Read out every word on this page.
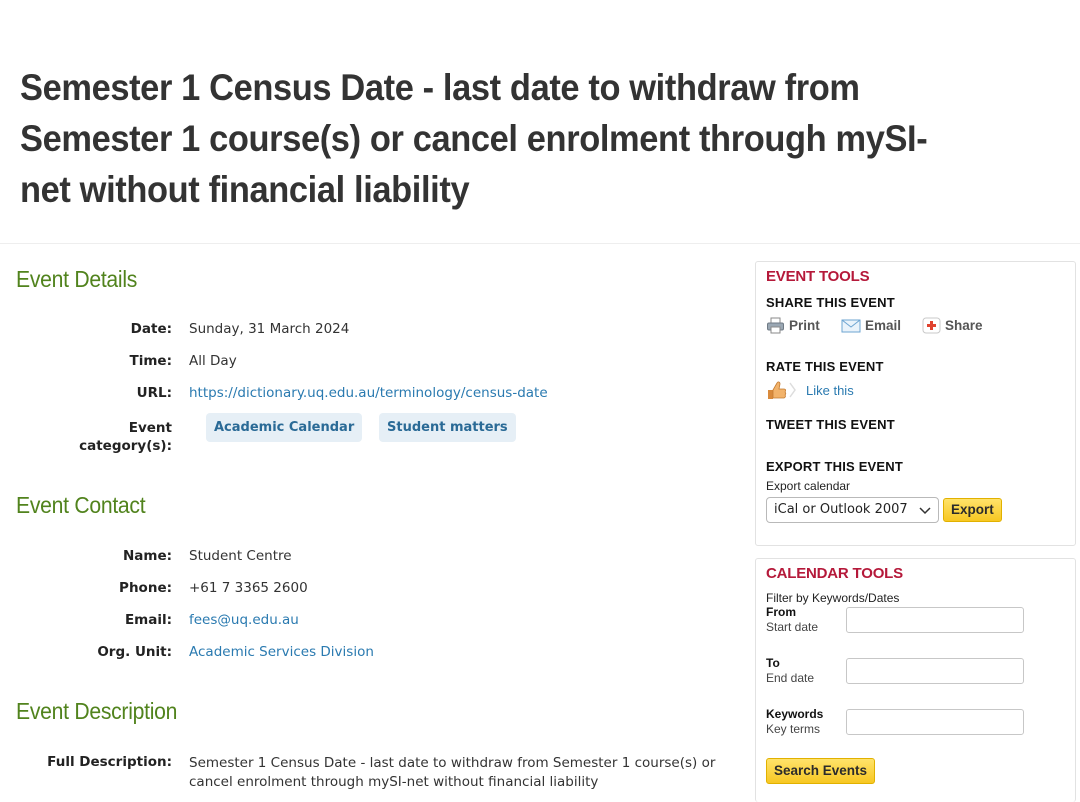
Semester 1 Census Date - last date to withdraw from Semester 1 course(s) or cancel enrolment through mySI-net without financial liability
Event Details
Date: Sunday, 31 March 2024
Time: All Day
URL: https://dictionary.uq.edu.au/terminology/census-date
Event
category(s):
Academic Calendar	Student matters
Event Contact
Name: Student Centre
Phone: +61 7 3365 2600
Email: fees@uq.edu.au
Org. Unit: Academic Services Division
Event Description
Full Description: Semester 1 Census Date - last date to withdraw from Semester 1 course(s) or cancel enrolment through mySI-net without financial liability
EVENT TOOLS
SHARE THIS EVENT
Print	Email	Share
RATE THIS EVENT
Like this
TWEET THIS EVENT
EXPORT THIS EVENT
Export calendar
iCal or Outlook 2007	Export
CALENDAR TOOLS
Filter by Keywords/Dates
From
Start date
To
End date
Keywords
Key terms
Search Events
